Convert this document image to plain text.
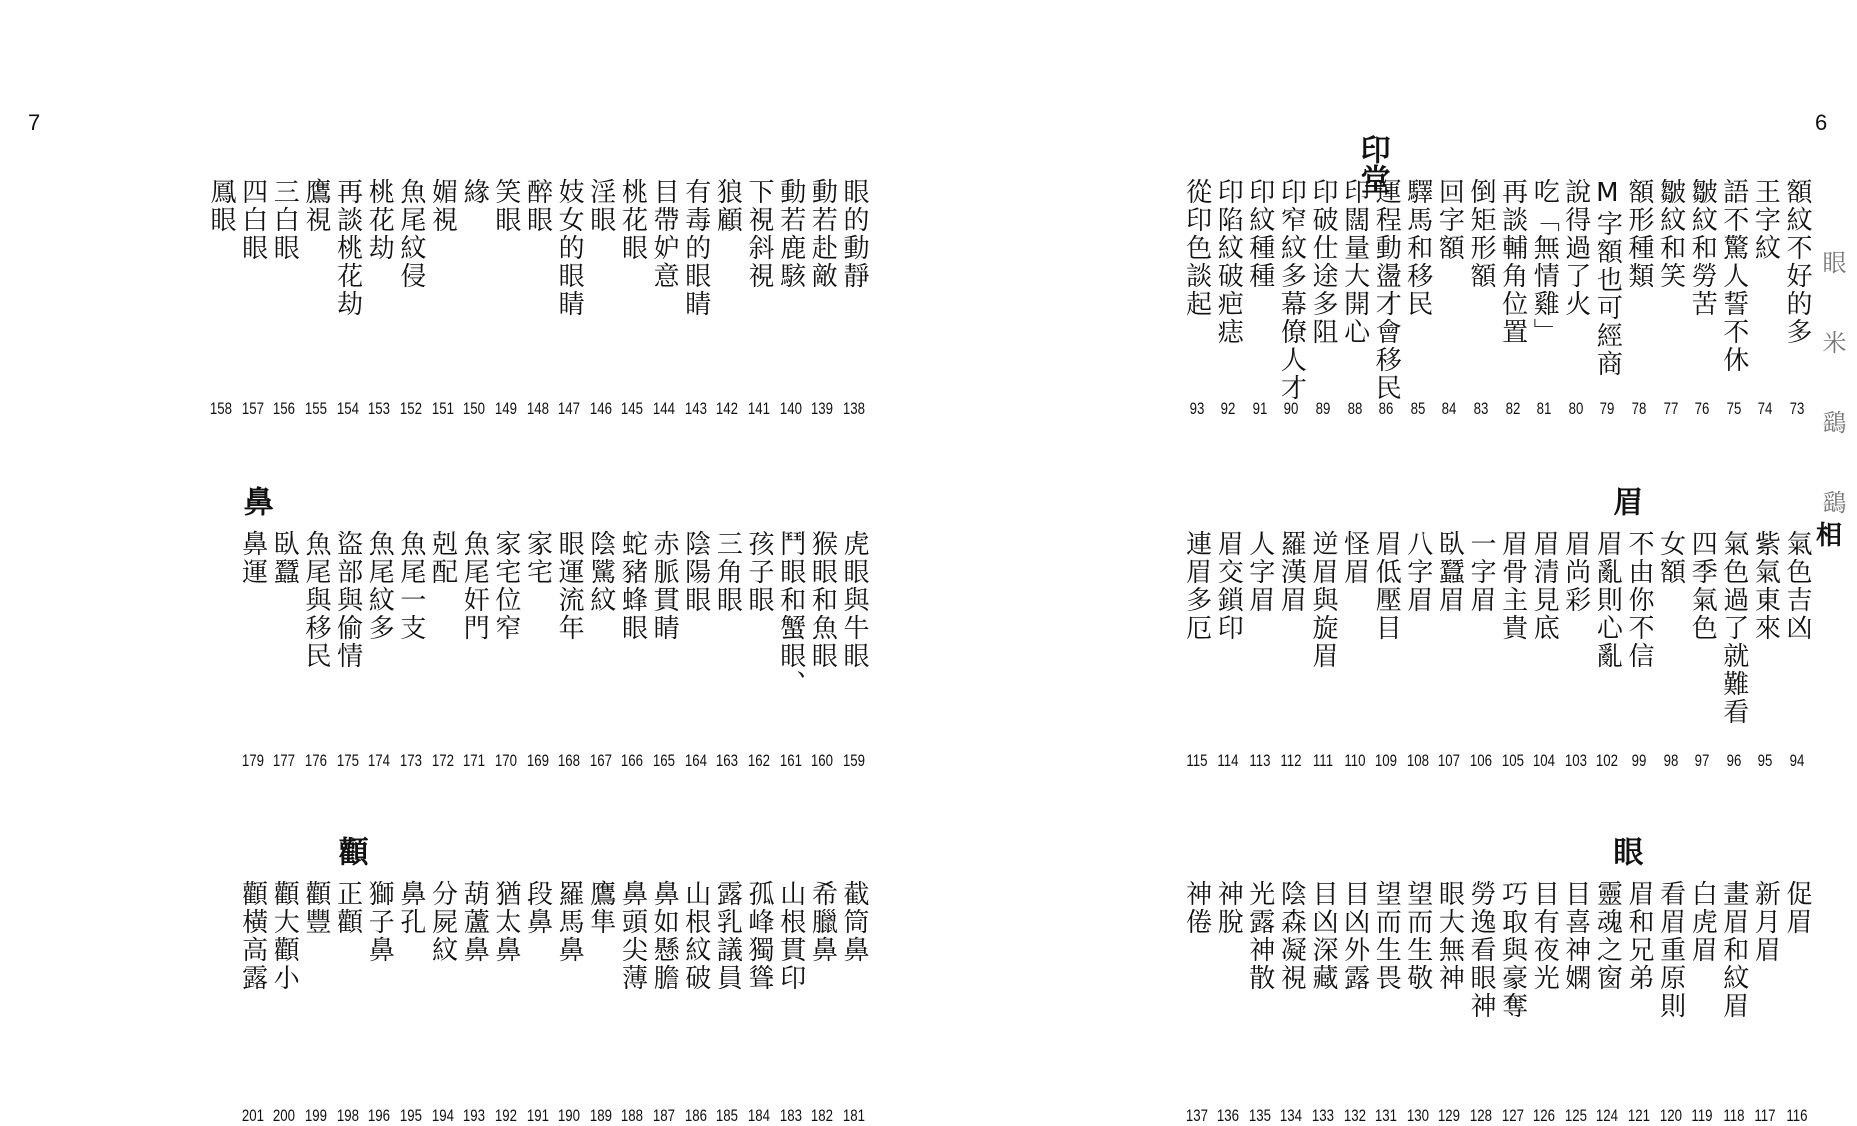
7	6
眼 米 鷂 鷂
相
眼的動靜
138
動若赴敵
139
動若鹿駭
140
下視斜視
141
狼顧
142
有毒的眼睛
143
目帶妒意
144
桃花眼
145
淫眼
146
妓女的眼睛
147
醉眼
148
笑眼
149
緣
150
媚視
151
魚尾紋侵
152
桃花劫
153
再談桃花劫
154
鷹視
155
三白眼
156
四白眼
157
鳳眼
158
虎眼與牛眼
159
猴眼和魚眼
160
鬥眼和蟹眼、
161
孩子眼
162
三角眼
163
陰陽眼
164
赤脈貫睛
165
蛇豬蜂眼
166
陰騭紋
167
眼運流年
168
家宅
169
家宅位窄
170
魚尾奸門
171
剋配
172
魚尾一支
173
魚尾紋多
174
盜部與偷情
175
魚尾與移民
176
臥蠶
177
鼻運
179
鼻
截筒鼻
181
希臘鼻
182
山根貫印
183
孤峰獨聳
184
露乳議員
185
山根紋破
186
鼻如懸膽
187
鼻頭尖薄
188
鷹隼
189
羅馬鼻
190
段鼻
191
猶太鼻
192
葫蘆鼻
193
分屍紋
194
鼻孔
195
獅子鼻
196
正顴
198
顴豐
199
顴大顴小
200
顴橫高露
201
顴
額紋不好的多
73
王字紋
74
語不驚人誓不休
75
皺紋和勞苦
76
皺紋和笑
77
額形種類
78
M字額也可經商
79
說得過了火
80
吃「無情雞」
81
再談輔角位置
82
倒矩形額
83
回字額
84
驛馬和移民
85
運程動盪才會移民
86
印闊量大開心
88
印破仕途多阻
89
印窄紋多幕僚人才
90
印紋種種
91
印陷紋破疤痣
92
從印色談起
93
印堂
氣色吉凶
94
紫氣東來
95
氣色過了就難看
96
四季氣色
97
女額
98
不由你不信
99
眉亂則心亂
102
眉尚彩
103
眉清見底
104
眉骨主貴
105
一字眉
106
臥蠶眉
107
八字眉
108
眉低壓目
109
怪眉
110
逆眉與旋眉
111
羅漢眉
112
人字眉
113
眉交鎖印
114
連眉多厄
115
眉
促眉
116
新月眉
117
畫眉和紋眉
118
白虎眉
119
看眉重原則
120
眉和兄弟
121
靈魂之窗
124
目喜神嫻
125
目有夜光
126
巧取與豪奪
127
勞逸看眼神
128
眼大無神
129
望而生敬
130
望而生畏
131
目凶外露
132
目凶深藏
133
陰森凝視
134
光露神散
135
神脫
136
神倦
137
眼
